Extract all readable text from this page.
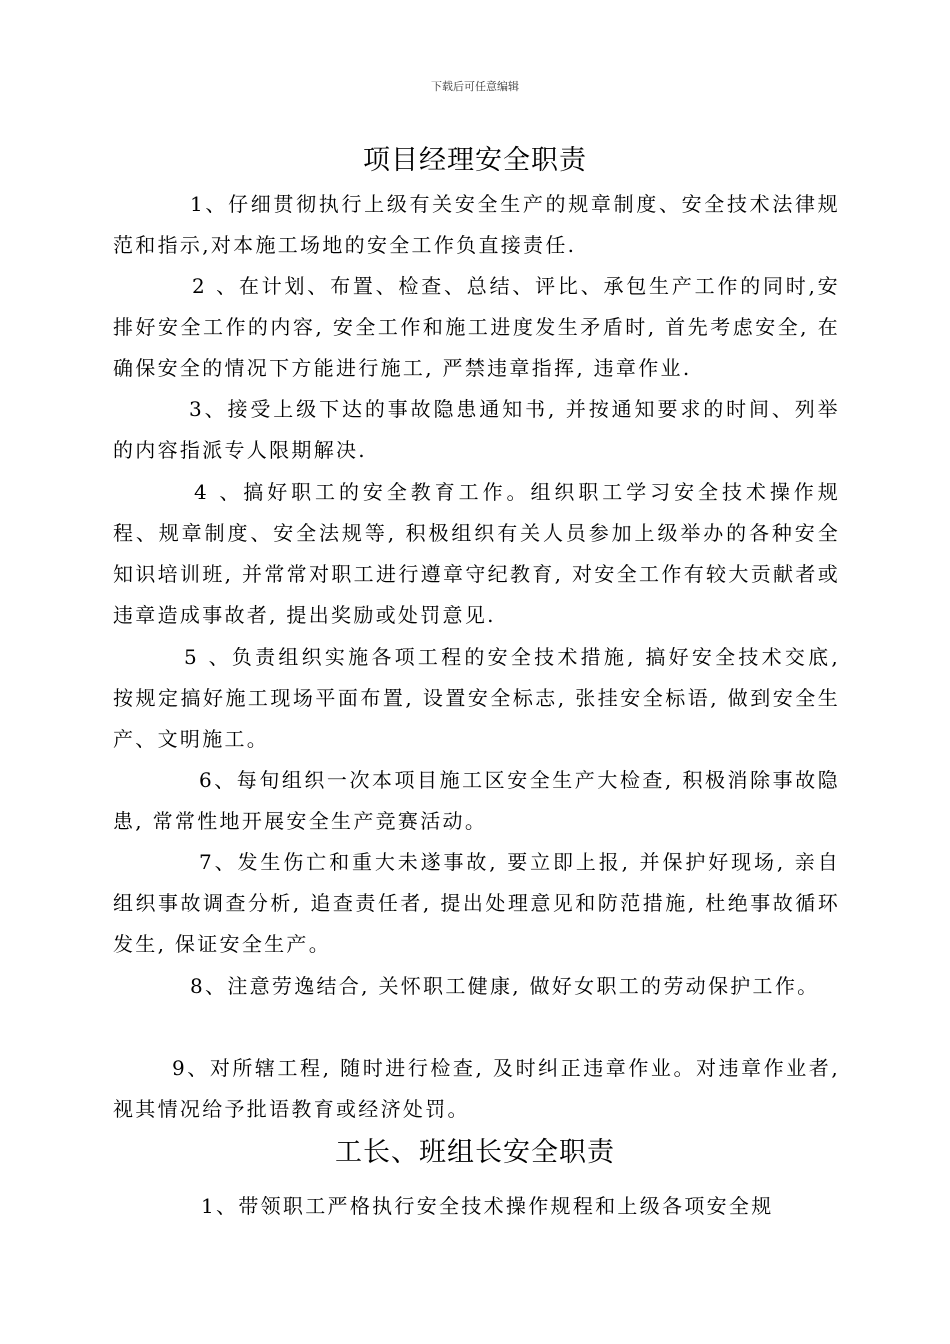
下载后可任意编辑
项目经理安全职责

1、仔细贯彻执行上级有关安全生产的规章制度、安全技术法律规范和指示,对本施工场地的安全工作负直接责任.

2 、在计划、布置、检查、总结、评比、承包生产工作的同时,安排好安全工作的内容, 安全工作和施工进度发生矛盾时, 首先考虑安全, 在确保安全的情况下方能进行施工, 严禁违章指挥, 违章作业.

3、接受上级下达的事故隐患通知书, 并按通知要求的时间、列举的内容指派专人限期解决.

4 、搞好职工的安全教育工作。组织职工学习安全技术操作规程、规章制度、安全法规等, 积极组织有关人员参加上级举办的各种安全知识培训班, 并常常对职工进行遵章守纪教育, 对安全工作有较大贡献者或违章造成事故者, 提出奖励或处罚意见.

5 、负责组织实施各项工程的安全技术措施, 搞好安全技术交底, 按规定搞好施工现场平面布置, 设置安全标志, 张挂安全标语, 做到安全生产、文明施工。

6、每旬组织一次本项目施工区安全生产大检查, 积极消除事故隐患, 常常性地开展安全生产竞赛活动。

7、发生伤亡和重大未遂事故, 要立即上报, 并保护好现场, 亲自组织事故调查分析, 追查责任者, 提出处理意见和防范措施, 杜绝事故循环发生, 保证安全生产。

8、注意劳逸结合, 关怀职工健康, 做好女职工的劳动保护工作。

9、对所辖工程, 随时进行检查, 及时纠正违章作业。对违章作业者, 视其情况给予批语教育或经济处罚。

工长、班组长安全职责

1、带领职工严格执行安全技术操作规程和上级各项安全规
